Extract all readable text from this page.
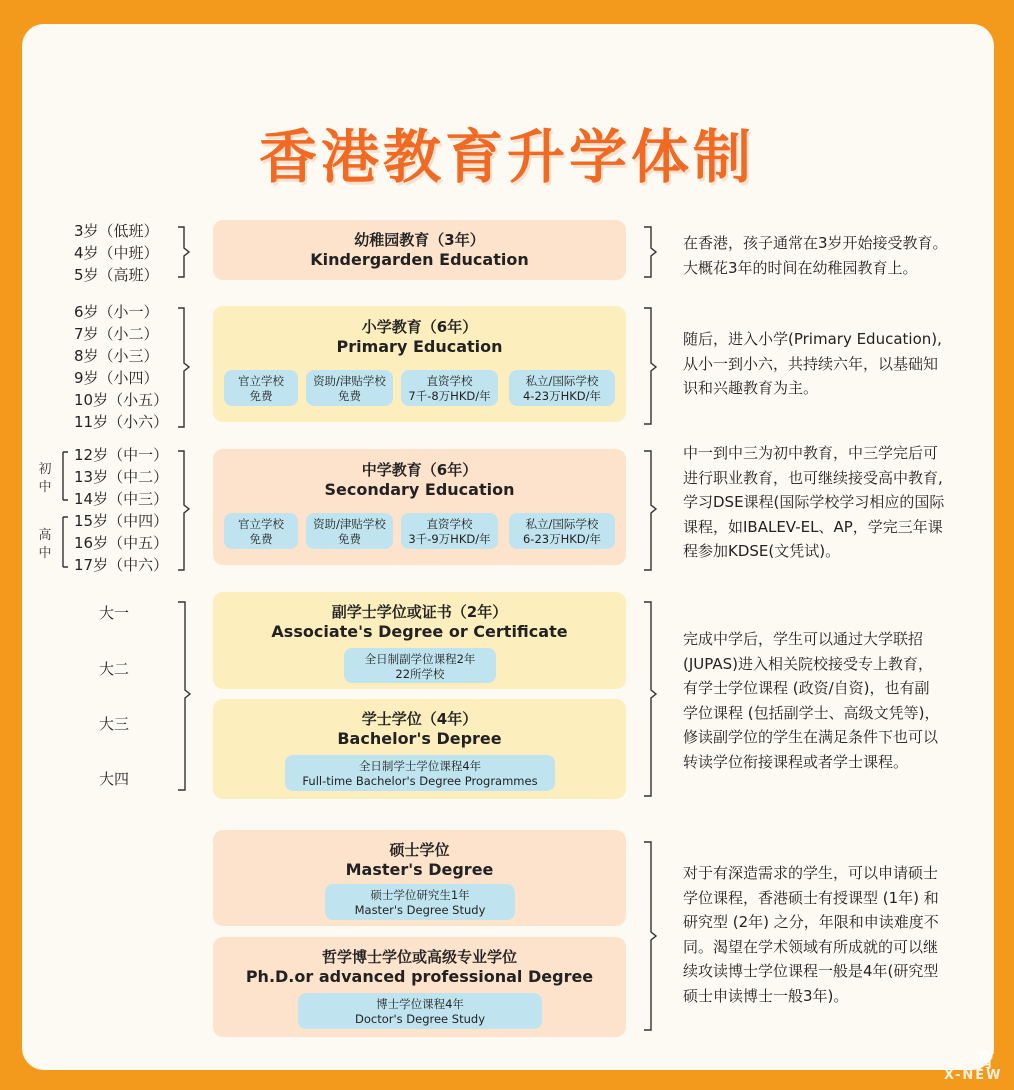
香港教育升学体制
3岁（低班）
4岁（中班）
5岁（高班）
6岁（小一）
7岁（小二）
8岁（小三）
9岁（小四）
10岁（小五）
11岁（小六）
12岁（中一）
13岁（中二）
14岁（中三）
15岁（中四）
16岁（中五）
17岁（中六）
初中
高中
大一
大二
大三
大四
幼稚园教育（3年）
Kindergarden Education
小学教育（6年）
Primary Education
官立学校
免费
资助/津贴学校
免费
直资学校
7千-8万HKD/年
私立/国际学校
4-23万HKD/年
中学教育（6年）
Secondary Education
官立学校
免费
资助/津贴学校
免费
直资学校
3千-9万HKD/年
私立/国际学校
6-23万HKD/年
副学士学位或证书（2年）
Associate's Degree or Certificate
全日制副学位课程2年
22所学校
学士学位（4年）
Bachelor's Depree
全日制学士学位课程4年
Full-time Bachelor's Degree Programmes
硕士学位
Master's Degree
硕士学位研究生1年
Master's Degree Study
哲学博士学位或高级专业学位
Ph.D.or advanced professional Degree
博士学位课程4年
Doctor's Degree Study
在香港，孩子通常在3岁开始接受教育。
大概花3年的时间在幼稚园教育上。
随后，进入小学(Primary Education),
从小一到小六，共持续六年，以基础知
识和兴趣教育为主。
中一到中三为初中教育，中三学完后可
进行职业教育，也可继续接受高中教育,
学习DSE课程(国际学校学习相应的国际
课程，如IBALEV-EL、AP，学完三年课
程参加KDSE(文凭试)。
完成中学后，学生可以通过大学联招
(JUPAS)进入相关院校接受专上教育，
有学士学位课程 (政资/自资)，也有副
学位课程 (包括副学士、高级文凭等)，
修读副学位的学生在满足条件下也可以
转读学位衔接课程或者学士课程。
对于有深造需求的学生，可以申请硕士
学位课程，香港硕士有授课型 (1年) 和
研究型 (2年) 之分，年限和申读难度不
同。渴望在学术领域有所成就的可以继
续攻读博士学位课程一般是4年(研究型
硕士申读博士一般3年)。
育
X-NEW
